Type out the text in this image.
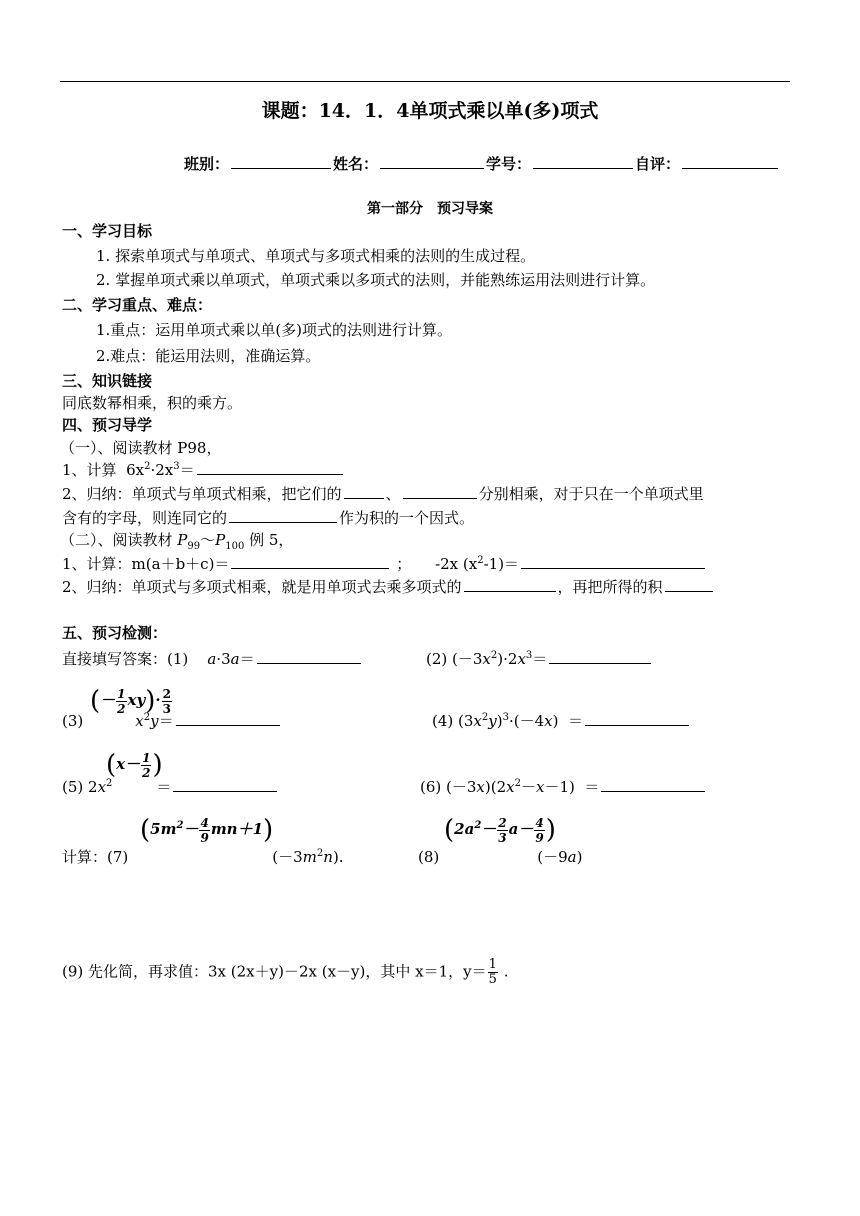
课题：14．1．4单项式乘以单(多)项式
班别：	姓名：	学号：	自评：
第一部分　预习导案
一、学习目标
1. 探索单项式与单项式、单项式与多项式相乘的法则的生成过程。
2. 掌握单项式乘以单项式，单项式乘以多项式的法则，并能熟练运用法则进行计算。
二、学习重点、难点：
1.重点：运用单项式乘以单(多)项式的法则进行计算。
2.难点：能运用法则，准确运算。
三、知识链接
同底数幂相乘，积的乘方。
四、预习导学
（一）、阅读教材 P98，
1、计算  $6x^2\cdot 2x^3=$
2、归纳：单项式与单项式相乘，把它们的	、	分别相乘，对于只在一个单项式里
含有的字母，则连同它的	作为积的一个因式。
（二）、阅读教材 $P_{99}\sim P_{100}$ 例 5，
1、计算：m(a＋b＋c)＝	； -2x $(x^2-1)=$
2、归纳：单项式与多项式相乘，就是用单项式去乘多项式的	，再把所得的积
五、预习检测：
直接填写答案：(1)    a·3a＝	(2) $(-3x^2)\cdot 2x^3=$
(－ $\frac{1}{2} xy)\cdot \frac{2}{3}$
(3)	$x^2y=$	(4) $(3x^2y)^3\cdot(-4x)$  ＝
(5) $2x^2$	＝
($x- \frac{1}{2}$ )
(6) $(-3x)(2x^2-x-1)$  ＝
计算：(7)	$(-3m^2n)$.
$(5m^2- \frac{4}{9} mn+1)$
(8)	(－9a)
($2a^2- \frac{2}{3} a- \frac{4}{9}$ )
(9) 先化简，再求值：3x (2x＋y)－2x (x－y)，其中 x＝1，$y= \frac{1}{5}$ .
